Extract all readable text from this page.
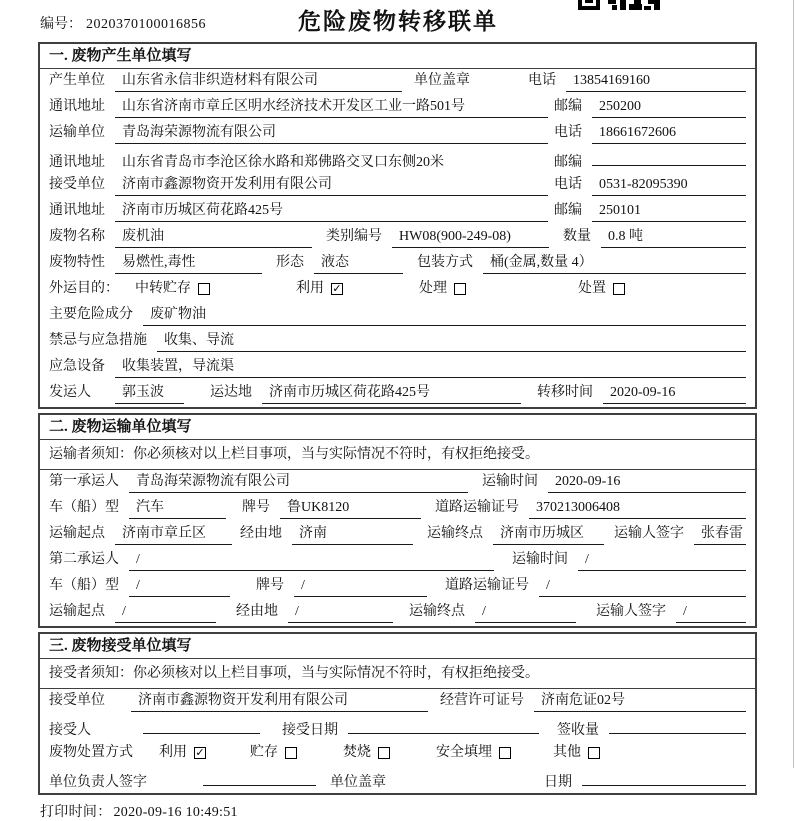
编号： 2020370100016856	危险废物转移联单
一. 废物产生单位填写
产生单位	山东省永信非织造材料有限公司	单位盖章	电话	13854169160
通讯地址	山东省济南市章丘区明水经济技术开发区工业一路501号	邮编	250200
运输单位	青岛海荣源物流有限公司	电话	18661672606
通讯地址	山东省青岛市李沧区徐水路和郑佛路交叉口东侧20米	邮编
接受单位	济南市鑫源物资开发利用有限公司	电话	0531-82095390
通讯地址	济南市历城区荷花路425号	邮编	250101
废物名称	废机油	类别编号	HW08(900-249-08)	数量	0.8 吨
废物特性	易燃性,毒性	形态	液态	包装方式	桶(金属,数量 4）
外运目的： 中转贮存	利用 ✓	处理	处置
主要危险成分	废矿物油
禁忌与应急措施	收集、导流
应急设备	收集装置，导流渠
发运人	郭玉波	运达地	济南市历城区荷花路425号	转移时间	2020-09-16
二. 废物运输单位填写
运输者须知：你必须核对以上栏目事项，当与实际情况不符时，有权拒绝接受。
第一承运人	青岛海荣源物流有限公司	运输时间	2020-09-16
车（船）型	汽车	牌号	鲁UK8120	道路运输证号	370213006408
运输起点	济南市章丘区	经由地	济南	运输终点	济南市历城区	运输人签字	张春雷
第二承运人	/	运输时间	/
车（船）型	/	牌号	/	道路运输证号	/
运输起点	/	经由地	/	运输终点	/	运输人签字	/
三. 废物接受单位填写
接受者须知：你必须核对以上栏目事项，当与实际情况不符时，有权拒绝接受。
接受单位	济南市鑫源物资开发利用有限公司	经营许可证号	济南危证02号
接受人	接受日期	签收量
废物处置方式 利用 ✓	贮存	焚烧	安全填埋	其他
单位负责人签字	单位盖章	日期
打印时间： 2020-09-16 10:49:51
